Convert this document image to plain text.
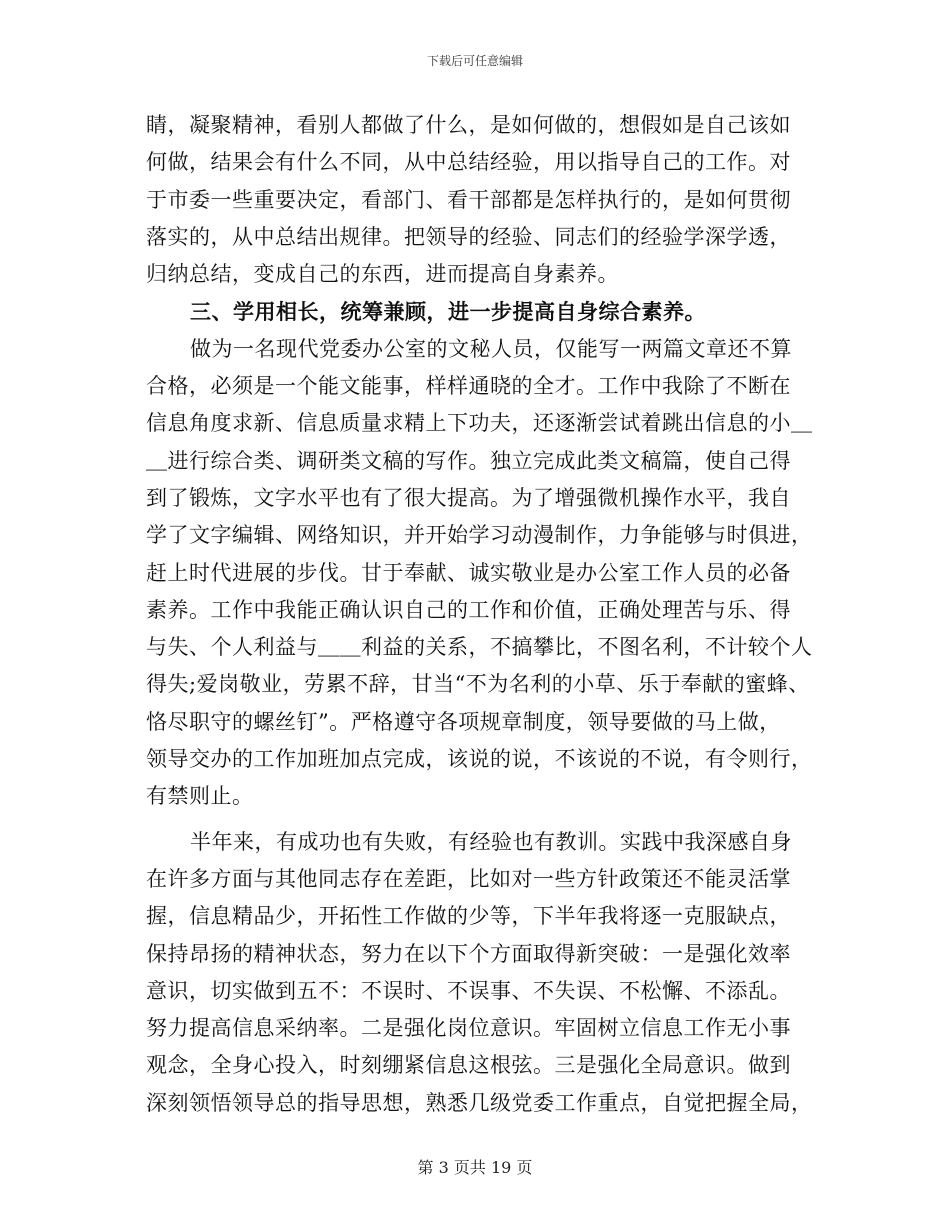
下载后可任意编辑
睛，凝聚精神，看别人都做了什么，是如何做的，想假如是自己该如
何做，结果会有什么不同，从中总结经验，用以指导自己的工作。对
于市委一些重要决定，看部门、看干部都是怎样执行的，是如何贯彻
落实的，从中总结出规律。把领导的经验、同志们的经验学深学透，
归纳总结，变成自己的东西，进而提高自身素养。
三、学用相长，统筹兼顾，进一步提高自身综合素养。
做为一名现代党委办公室的文秘人员，仅能写一两篇文章还不算
合格，必须是一个能文能事，样样通晓的全才。工作中我除了不断在
信息角度求新、信息质量求精上下功夫，还逐渐尝试着跳出信息的小＿
＿进行综合类、调研类文稿的写作。独立完成此类文稿篇，使自己得
到了锻炼，文字水平也有了很大提高。为了增强微机操作水平，我自
学了文字编辑、网络知识，并开始学习动漫制作，力争能够与时俱进，
赶上时代进展的步伐。甘于奉献、诚实敬业是办公室工作人员的必备
素养。工作中我能正确认识自己的工作和价值，正确处理苦与乐、得
与失、个人利益与＿＿利益的关系，不搞攀比，不图名利，不计较个人
得失;爱岗敬业，劳累不辞，甘当“不为名利的小草、乐于奉献的蜜蜂、
恪尽职守的螺丝钉”。严格遵守各项规章制度，领导要做的马上做，
领导交办的工作加班加点完成，该说的说，不该说的不说，有令则行，
有禁则止。
半年来，有成功也有失败，有经验也有教训。实践中我深感自身
在许多方面与其他同志存在差距，比如对一些方针政策还不能灵活掌
握，信息精品少，开拓性工作做的少等，下半年我将逐一克服缺点，
保持昂扬的精神状态，努力在以下个方面取得新突破：一是强化效率
意识，切实做到五不：不误时、不误事、不失误、不松懈、不添乱。
努力提高信息采纳率。二是强化岗位意识。牢固树立信息工作无小事
观念，全身心投入，时刻绷紧信息这根弦。三是强化全局意识。做到
深刻领悟领导总的指导思想，熟悉几级党委工作重点，自觉把握全局，
第 3 页共 19 页
